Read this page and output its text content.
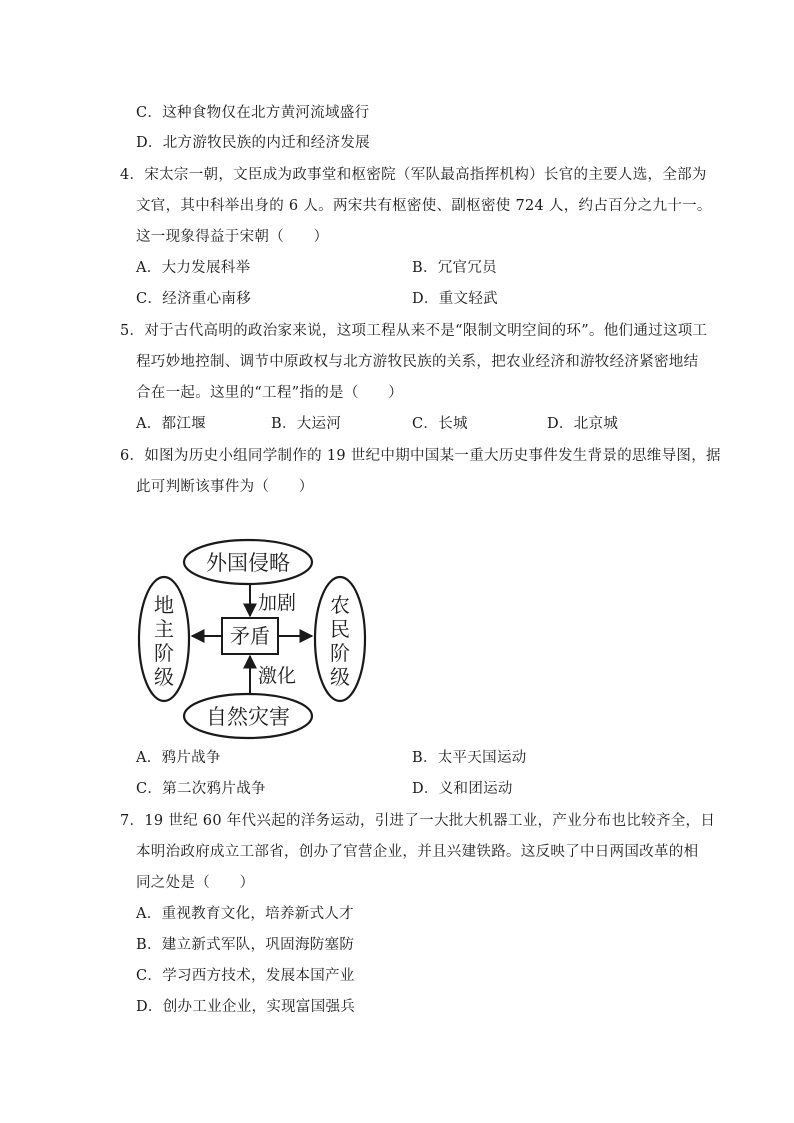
C．这种食物仅在北方黄河流域盛行
D．北方游牧民族的内迁和经济发展
4．宋太宗一朝，文臣成为政事堂和枢密院（军队最高指挥机构）长官的主要人选，全部为
文官，其中科举出身的 6 人。两宋共有枢密使、副枢密使 724 人，约占百分之九十一。
这一现象得益于宋朝（　　）
A．大力发展科举	B．冗官冗员
C．经济重心南移	D．重文轻武
5．对于古代高明的政治家来说，这项工程从来不是“限制文明空间的环”。他们通过这项工
程巧妙地控制、调节中原政权与北方游牧民族的关系，把农业经济和游牧经济紧密地结
合在一起。这里的“工程”指的是（　　）
A．都江堰	B．大运河	C．长城	D．北京城
6．如图为历史小组同学制作的 19 世纪中期中国某一重大历史事件发生背景的思维导图，据
此可判断该事件为（　　）
外国侵略
自然灾害
地
主
阶
级
农
民
阶
级
矛盾
加剧
激化
A．鸦片战争	B．太平天国运动
C．第二次鸦片战争	D．义和团运动
7．19 世纪 60 年代兴起的洋务运动，引进了一大批大机器工业，产业分布也比较齐全，日
本明治政府成立工部省，创办了官营企业，并且兴建铁路。这反映了中日两国改革的相
同之处是（　　）
A．重视教育文化，培养新式人才
B．建立新式军队，巩固海防塞防
C．学习西方技术，发展本国产业
D．创办工业企业，实现富国强兵
